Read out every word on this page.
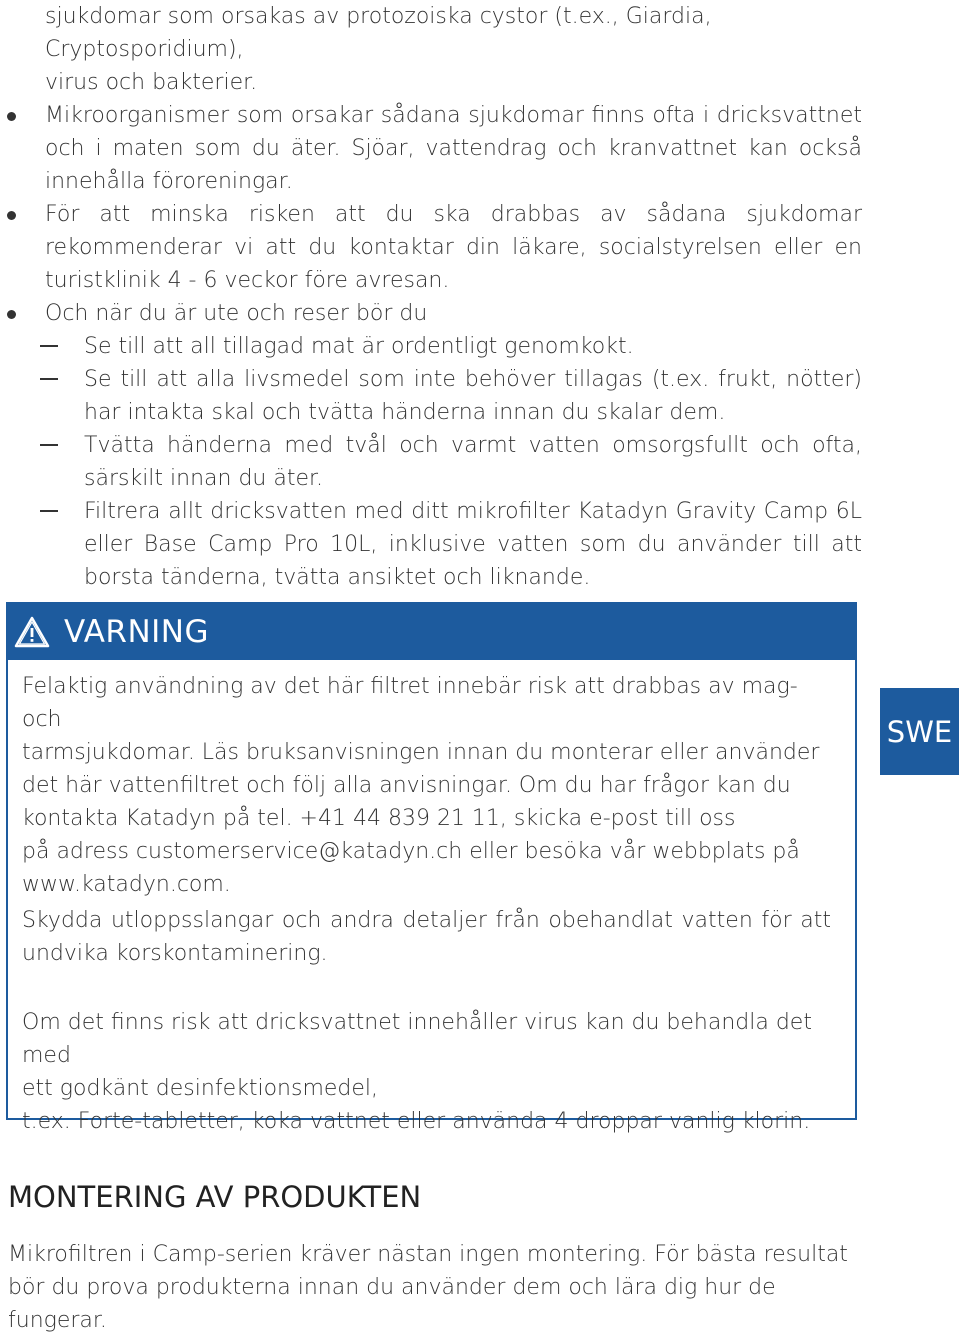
sjukdomar som orsakas av protozoiska cystor (t.ex., Giardia, Cryptosporidium),
virus och bakterier.
Mikroorganismer som orsakar sådana sjukdomar finns ofta i dricksvattnet och i maten som du äter. Sjöar, vattendrag och kranvattnet kan också innehålla föroreningar.
För att minska risken att du ska drabbas av sådana sjukdomar rekommenderar vi att du kontaktar din läkare, socialstyrelsen eller en turistklinik 4 - 6 veckor före avresan.
Och när du är ute och reser bör du
Se till att all tillagad mat är ordentligt genomkokt.
Se till att alla livsmedel som inte behöver tillagas (t.ex. frukt, nötter) har intakta skal och tvätta händerna innan du skalar dem.
Tvätta händerna med tvål och varmt vatten omsorgsfullt och ofta, särskilt innan du äter.
Filtrera allt dricksvatten med ditt mikrofilter Katadyn Gravity Camp 6L eller Base Camp Pro 10L, inklusive vatten som du använder till att borsta tänderna, tvätta ansiktet och liknande.
VARNING
Felaktig användning av det här filtret innebär risk att drabbas av mag- och
tarmsjukdomar. Läs bruksanvisningen innan du monterar eller använder
det här vattenfiltret och följ alla anvisningar. Om du har frågor kan du
kontakta Katadyn på tel. +41 44 839 21 11, skicka e-post till oss
på adress customerservice@katadyn.ch eller besöka vår webbplats på
www.katadyn.com.
Skydda utloppsslangar och andra detaljer från obehandlat vatten för att undvika korskontaminering.
Om det finns risk att dricksvattnet innehåller virus kan du behandla det med
ett godkänt desinfektionsmedel,
t.ex. Forte-tabletter, koka vattnet eller använda 4 droppar vanlig klorin.
SWE
MONTERING AV PRODUKTEN
Mikrofiltren i Camp-serien kräver nästan ingen montering. För bästa resultat bör du prova produkterna innan du använder dem och lära dig hur de fungerar.
